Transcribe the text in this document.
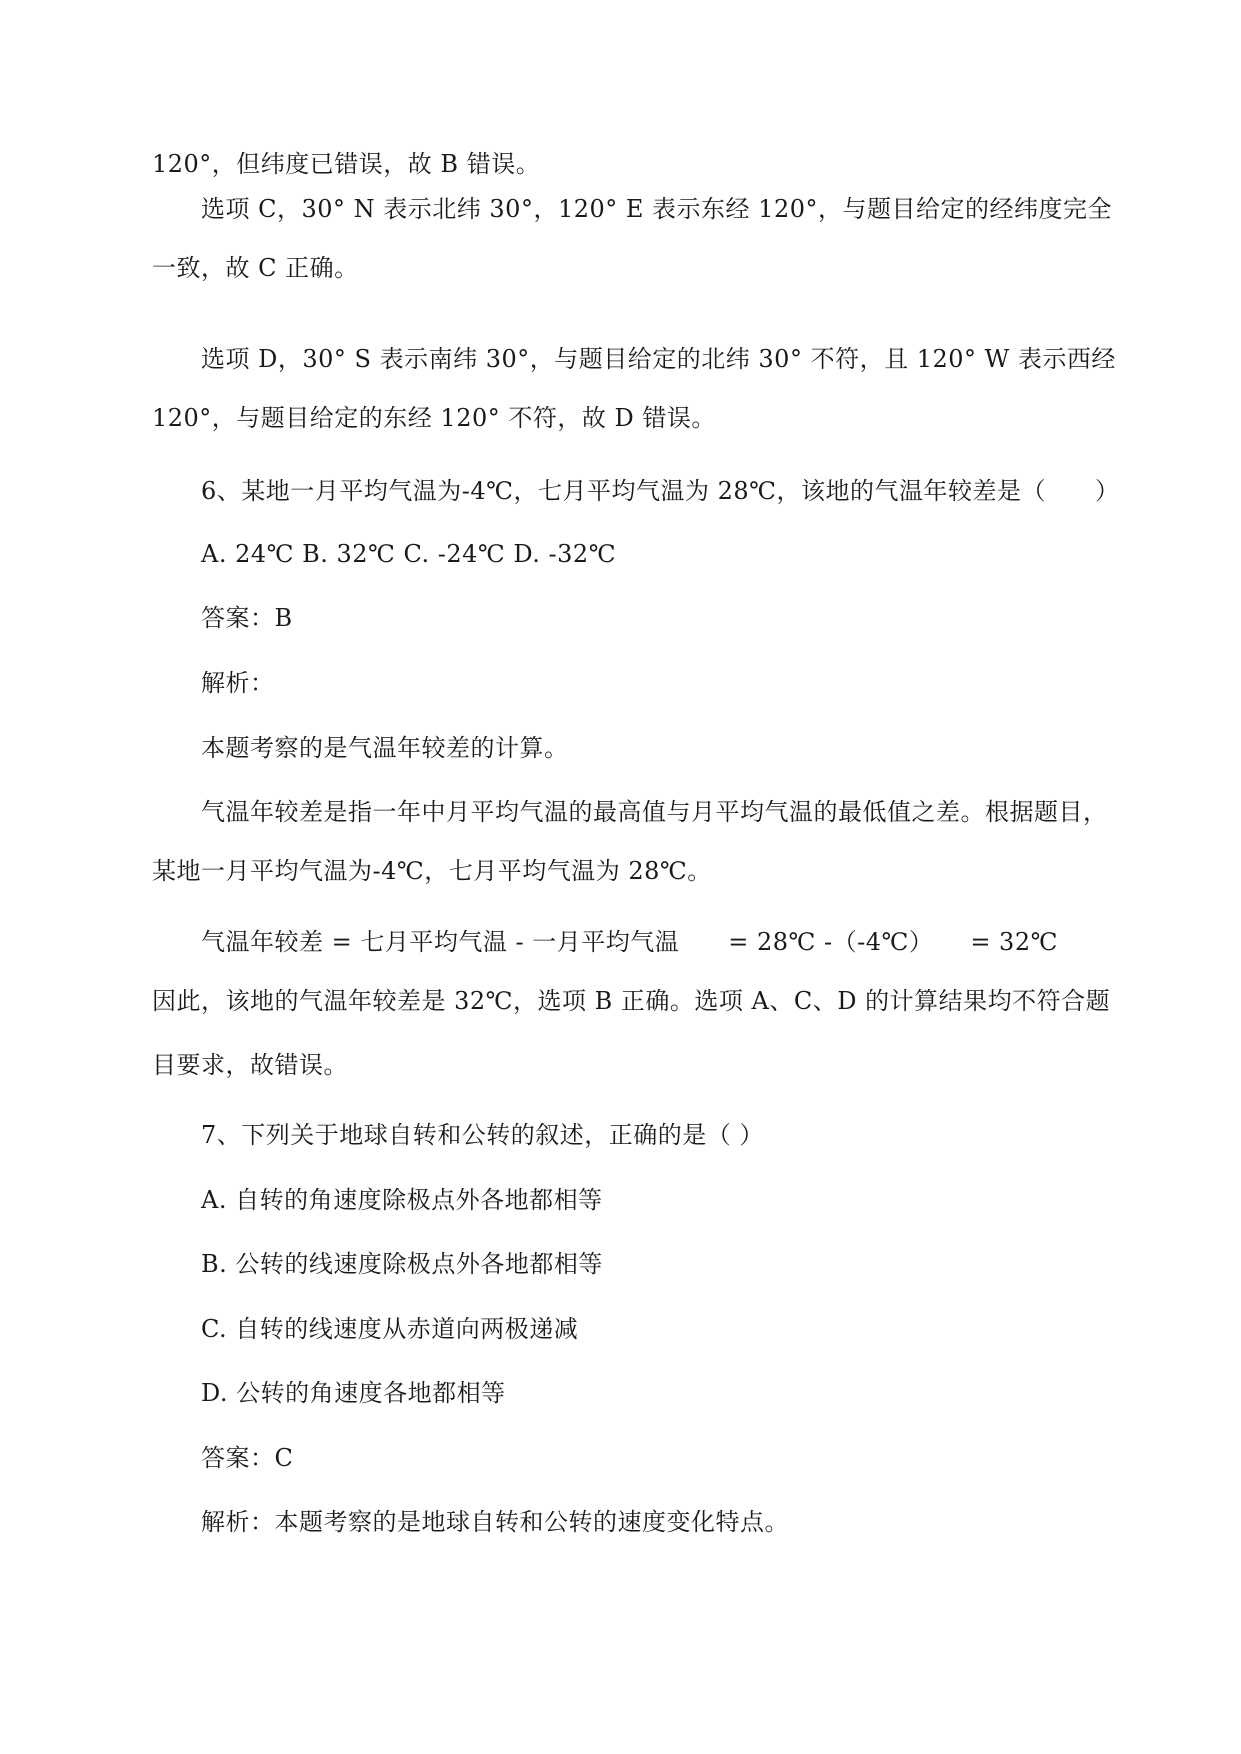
120°，但纬度已错误，故 B 错误。
选项 C，30° N 表示北纬 30°，120° E 表示东经 120°，与题目给定的经纬度完全
一致，故 C 正确。
选项 D，30° S 表示南纬 30°，与题目给定的北纬 30° 不符，且 120° W 表示西经
120°，与题目给定的东经 120° 不符，故 D 错误。
6、某地一月平均气温为-4℃，七月平均气温为 28℃，该地的气温年较差是（　　）
A. 24℃ B. 32℃ C. -24℃ D. -32℃
答案：B
解析：
本题考察的是气温年较差的计算。
气温年较差是指一年中月平均气温的最高值与月平均气温的最低值之差。根据题目，
某地一月平均气温为-4℃，七月平均气温为 28℃。
气温年较差 = 七月平均气温 - 一月平均气温　　= 28℃ -（-4℃）　　= 32℃
因此，该地的气温年较差是 32℃，选项 B 正确。选项 A、C、D 的计算结果均不符合题
目要求，故错误。
7、下列关于地球自转和公转的叙述，正确的是（ ）
A. 自转的角速度除极点外各地都相等
B. 公转的线速度除极点外各地都相等
C. 自转的线速度从赤道向两极递减
D. 公转的角速度各地都相等
答案：C
解析：本题考察的是地球自转和公转的速度变化特点。
